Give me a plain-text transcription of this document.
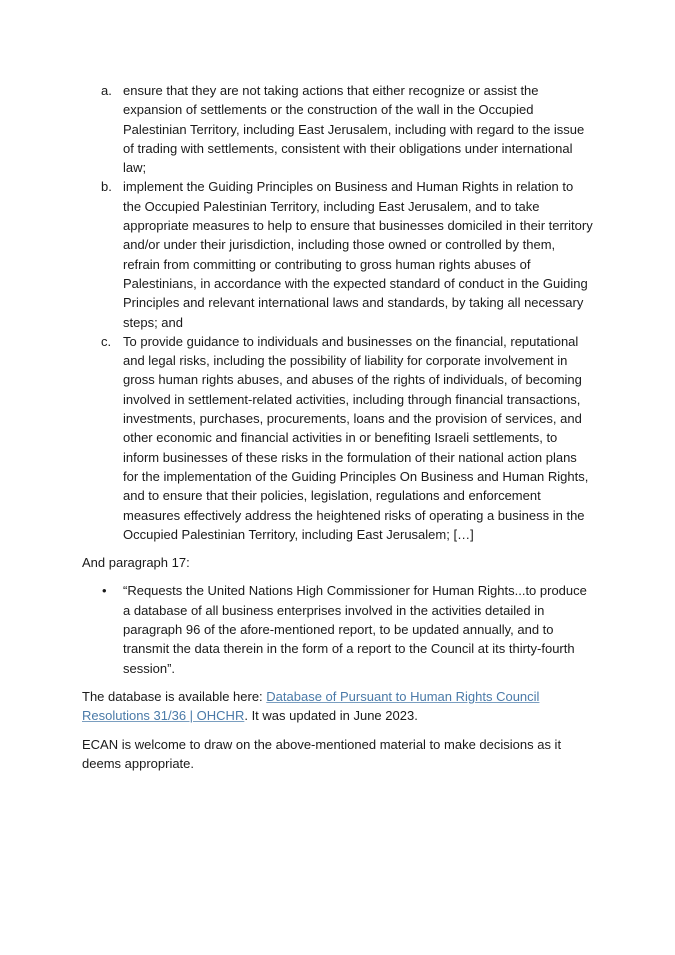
a. ensure that they are not taking actions that either recognize or assist the expansion of settlements or the construction of the wall in the Occupied Palestinian Territory, including East Jerusalem, including with regard to the issue of trading with settlements, consistent with their obligations under international law;
b. implement the Guiding Principles on Business and Human Rights in relation to the Occupied Palestinian Territory, including East Jerusalem, and to take appropriate measures to help to ensure that businesses domiciled in their territory and/or under their jurisdiction, including those owned or controlled by them, refrain from committing or contributing to gross human rights abuses of Palestinians, in accordance with the expected standard of conduct in the Guiding Principles and relevant international laws and standards, by taking all necessary steps; and
c. To provide guidance to individuals and businesses on the financial, reputational and legal risks, including the possibility of liability for corporate involvement in gross human rights abuses, and abuses of the rights of individuals, of becoming involved in settlement-related activities, including through financial transactions, investments, purchases, procurements, loans and the provision of services, and other economic and financial activities in or benefiting Israeli settlements, to inform businesses of these risks in the formulation of their national action plans for the implementation of the Guiding Principles On Business and Human Rights, and to ensure that their policies, legislation, regulations and enforcement measures effectively address the heightened risks of operating a business in the Occupied Palestinian Territory, including East Jerusalem; […]

And paragraph 17:

•	“Requests the United Nations High Commissioner for Human Rights...to produce a database of all business enterprises involved in the activities detailed in paragraph 96 of the afore-mentioned report, to be updated annually, and to transmit the data therein in the form of a report to the Council at its thirty-fourth session”.

The database is available here: Database of Pursuant to Human Rights Council Resolutions 31/36 | OHCHR. It was updated in June 2023.

ECAN is welcome to draw on the above-mentioned material to make decisions as it deems appropriate.
